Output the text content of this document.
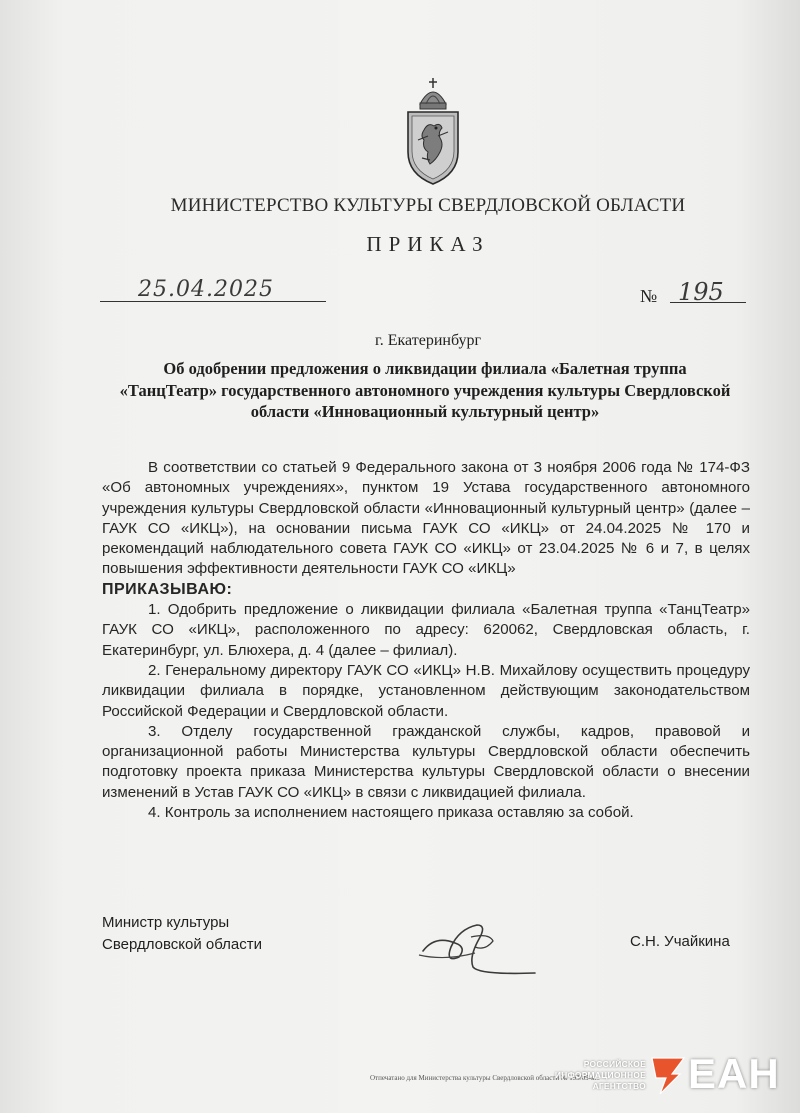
МИНИСТЕРСТВО КУЛЬТУРЫ СВЕРДЛОВСКОЙ ОБЛАСТИ
ПРИКАЗ
25.04.2025	№ 195
г. Екатеринбург
Об одобрении предложения о ликвидации филиала «Балетная труппа «ТанцТеатр» государственного автономного учреждения культуры Свердловской области «Инновационный культурный центр»

В соответствии со статьей 9 Федерального закона от 3 ноября 2006 года № 174-ФЗ «Об автономных учреждениях», пунктом 19 Устава государственного автономного учреждения культуры Свердловской области «Инновационный культурный центр» (далее – ГАУК СО «ИКЦ»), на основании письма ГАУК СО «ИКЦ» от 24.04.2025 № 170 и рекомендаций наблюдательного совета ГАУК СО «ИКЦ» от 23.04.2025 № 6 и 7, в целях повышения эффективности деятельности ГАУК СО «ИКЦ»

ПРИКАЗЫВАЮ:

1. Одобрить предложение о ликвидации филиала «Балетная труппа «ТанцТеатр» ГАУК СО «ИКЦ», расположенного по адресу: 620062, Свердловская область, г. Екатеринбург, ул. Блюхера, д. 4 (далее – филиал).

2. Генеральному директору ГАУК СО «ИКЦ» Н.В. Михайлову осуществить процедуру ликвидации филиала в порядке, установленном действующим законодательством Российской Федерации и Свердловской области.

3. Отделу государственной гражданской службы, кадров, правовой и организационной работы Министерства культуры Свердловской области обеспечить подготовку проекта приказа Министерства культуры Свердловской области о внесении изменений в Устав ГАУК СО «ИКЦ» в связи с ликвидацией филиала.

4. Контроль за исполнением настоящего приказа оставляю за собой.

Министр культуры
Свердловской области	С.Н. Учайкина
Отпечатано для Министерства культуры Свердловской области № 193/09-к...
РОССИЙСКОЕ
ИНФОРМАЦИОННОЕ
АГЕНТСТВО ЕАН
